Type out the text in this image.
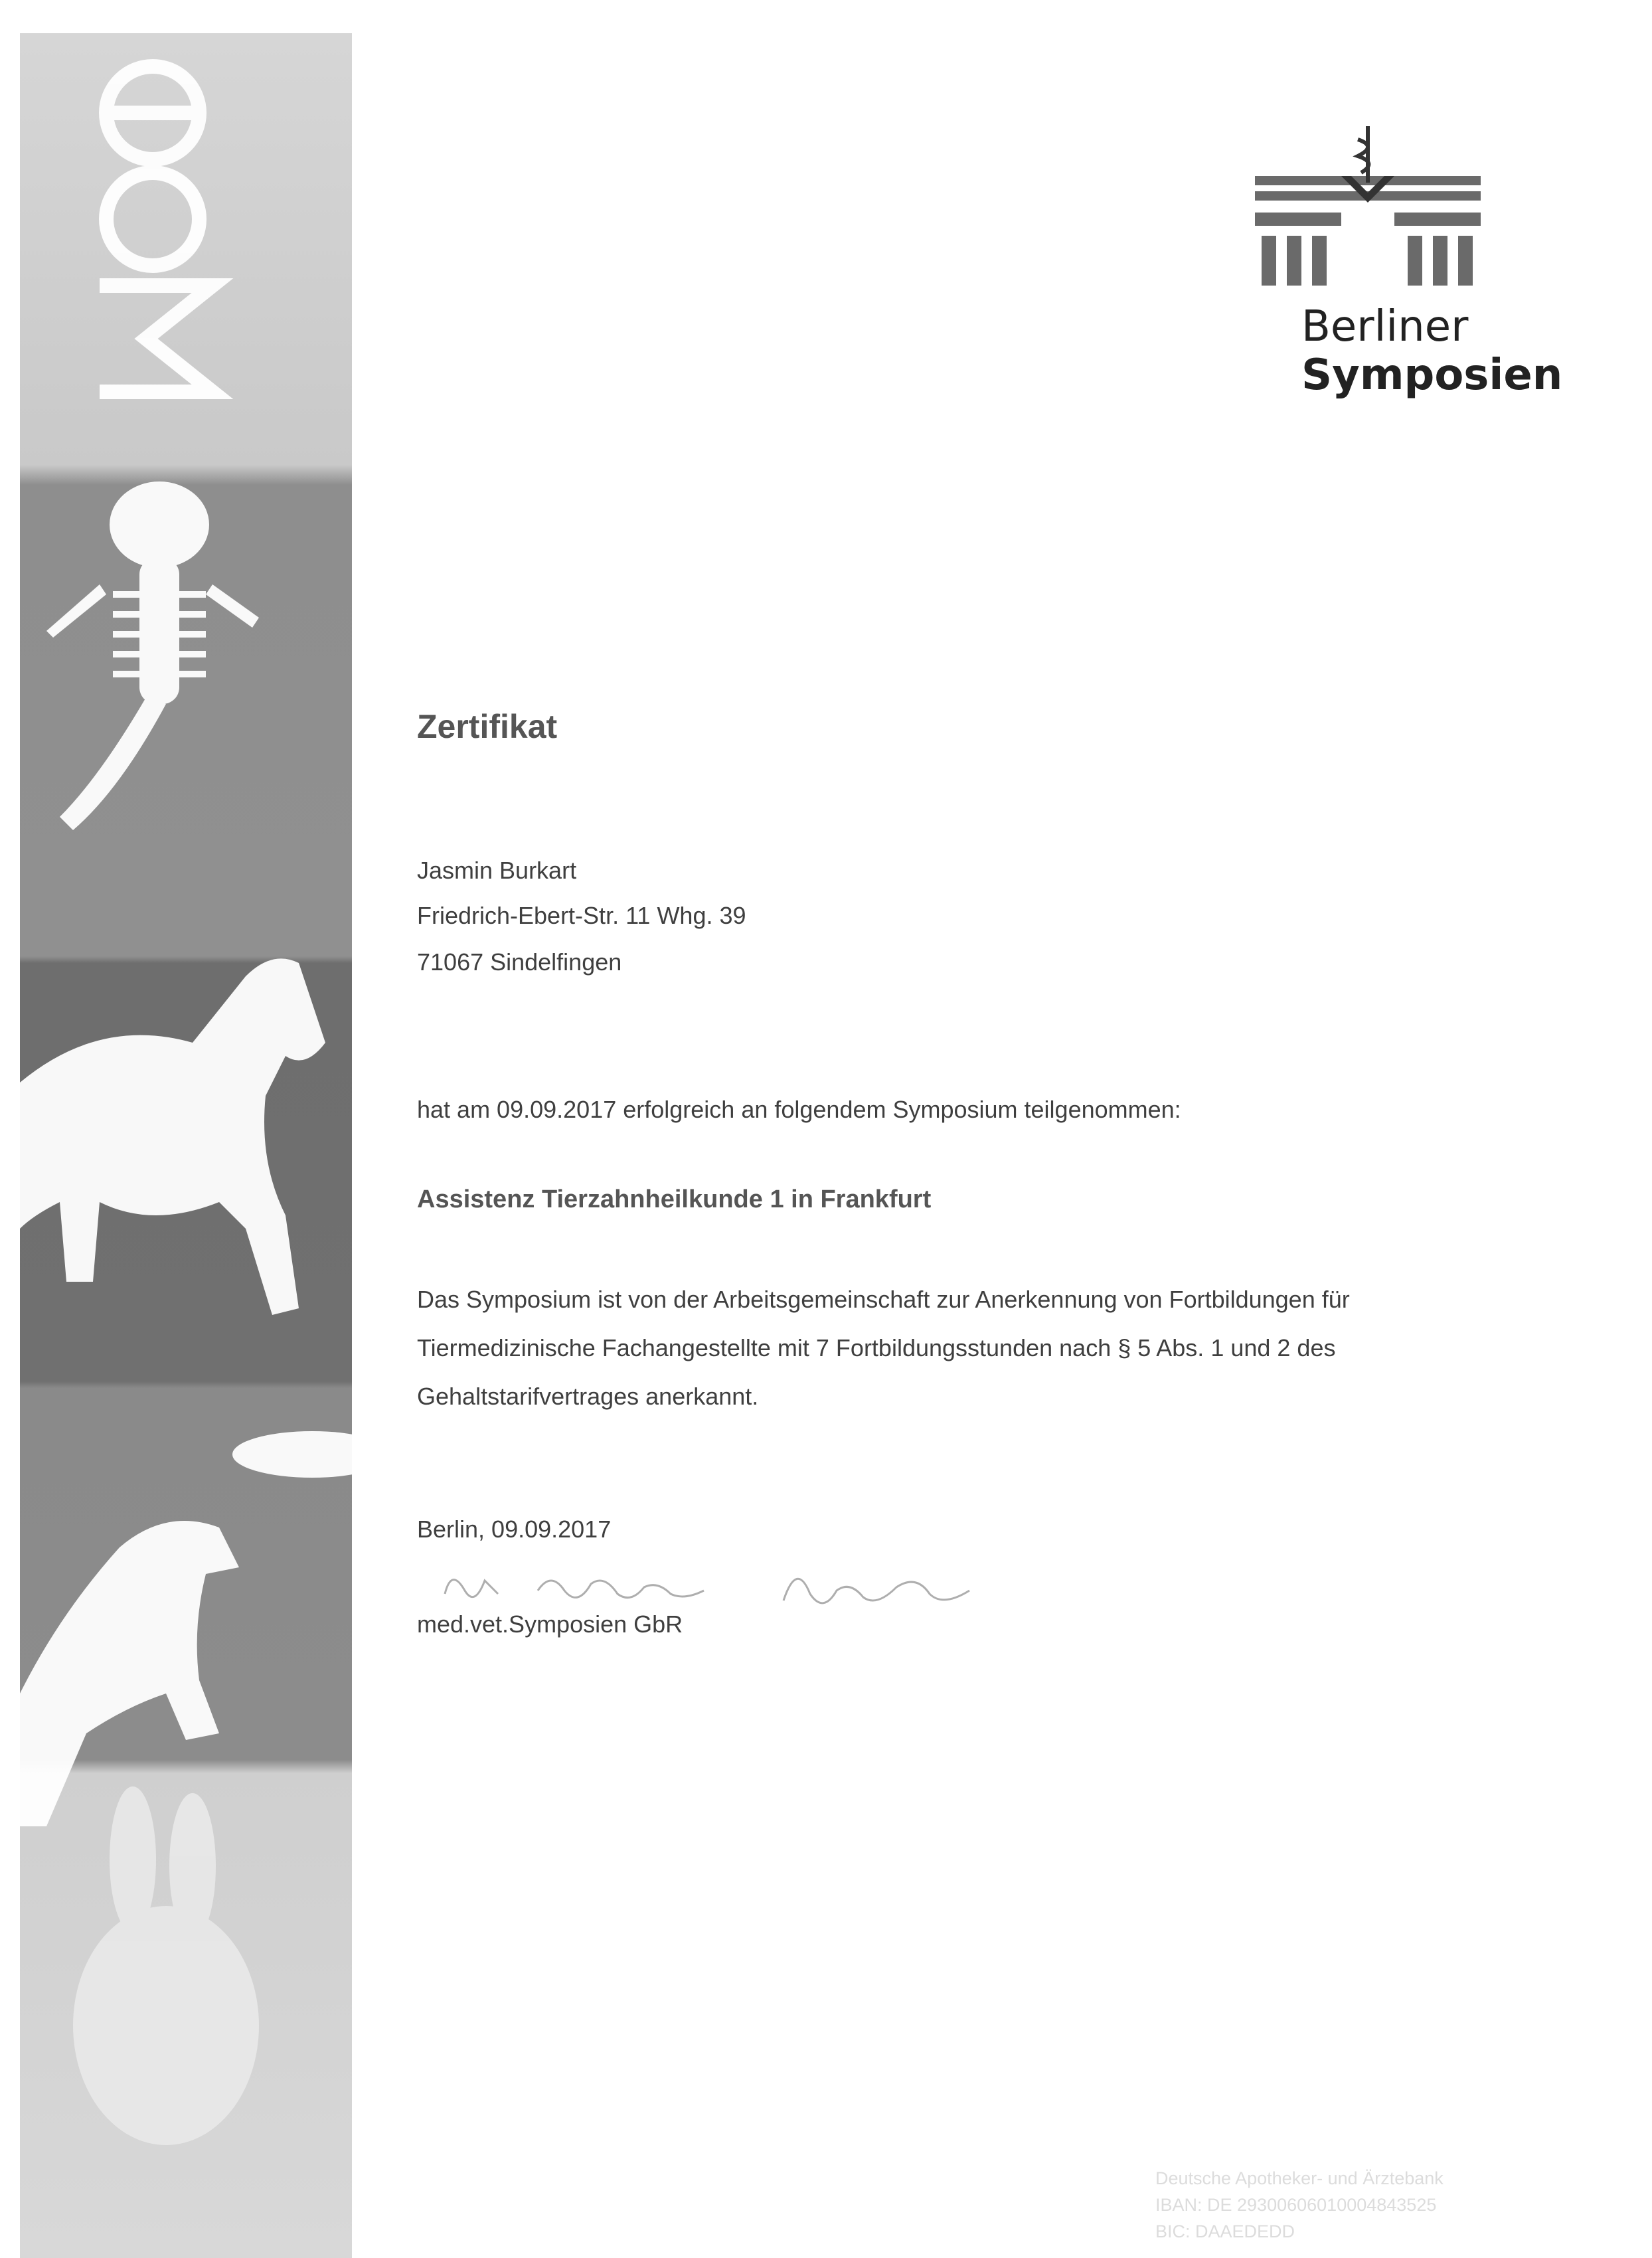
Berliner
Symposien
Zertifikat
Jasmin Burkart
Friedrich-Ebert-Str. 11 Whg. 39
71067 Sindelfingen
hat am 09.09.2017 erfolgreich an folgendem Symposium teilgenommen:
Assistenz Tierzahnheilkunde 1 in Frankfurt
Das Symposium ist von der Arbeitsgemeinschaft zur Anerkennung von Fortbildungen für Tiermedizinische Fachangestellte mit 7 Fortbildungsstunden nach § 5 Abs. 1 und 2 des Gehaltstarifvertrages anerkannt.
Berlin, 09.09.2017
med.vet.Symposien GbR
Deutsche Apotheker- und Ärztebank
IBAN: DE 29300606010004843525
BIC: DAAEDEDD
